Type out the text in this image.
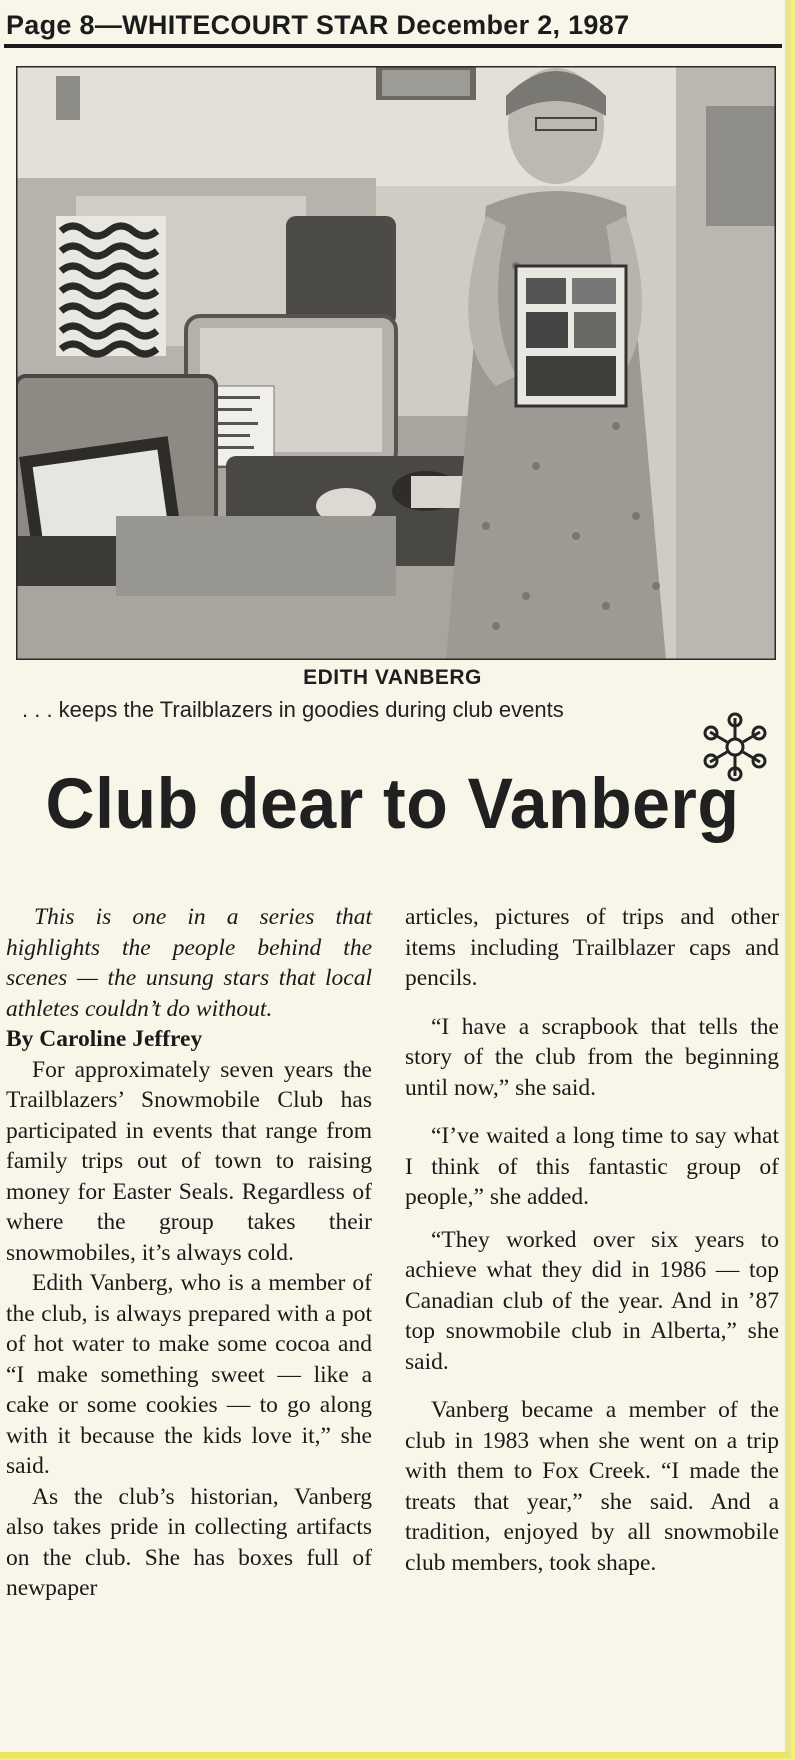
Page 8—WHITECOURT STAR December 2, 1987
EDITH VANBERG
. . . keeps the Trailblazers in goodies during club events
Club dear to Vanberg

This is one in a series that highlights the people behind the scenes — the unsung stars that local athletes couldn’t do without.

By Caroline Jeffrey

For approximately seven years the Trailblazers’ Snowmobile Club has participated in events that range from family trips out of town to raising money for Easter Seals. Regardless of where the group takes their snowmobiles, it’s always cold.

Edith Vanberg, who is a member of the club, is always prepared with a pot of hot water to make some cocoa and “I make something sweet — like a cake or some cookies — to go along with it because the kids love it,” she said.

As the club’s historian, Vanberg also takes pride in collecting artifacts on the club. She has boxes full of newpaper

articles, pictures of trips and other items including Trailblazer caps and pencils.

“I have a scrapbook that tells the story of the club from the beginning until now,” she said.

“I’ve waited a long time to say what I think of this fantastic group of people,” she added.

“They worked over six years to achieve what they did in 1986 — top Canadian club of the year. And in ’87 top snowmobile club in Alberta,” she said.

Vanberg became a member of the club in 1983 when she went on a trip with them to Fox Creek. “I made the treats that year,” she said. And a tradition, enjoyed by all snowmobile club members, took shape.
